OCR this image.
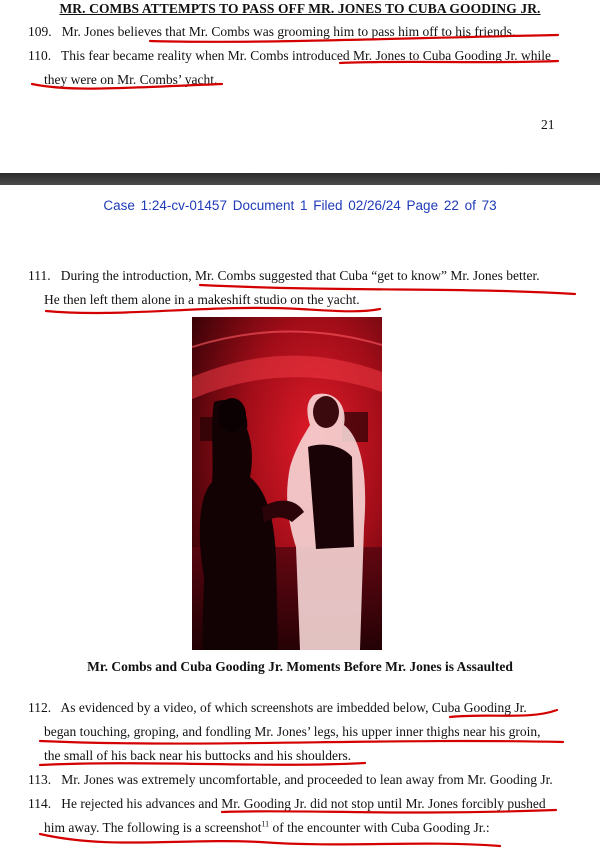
MR. COMBS ATTEMPTS TO PASS OFF MR. JONES TO CUBA GOODING JR.
109. Mr. Jones believes that Mr. Combs was grooming him to pass him off to his friends.
110. This fear became reality when Mr. Combs introduced Mr. Jones to Cuba Gooding Jr. while
they were on Mr. Combs’ yacht.
21
Case 1:24-cv-01457 Document 1 Filed 02/26/24 Page 22 of 73
111. During the introduction, Mr. Combs suggested that Cuba “get to know” Mr. Jones better.
He then left them alone in a makeshift studio on the yacht.
Mr. Combs and Cuba Gooding Jr. Moments Before Mr. Jones is Assaulted
112. As evidenced by a video, of which screenshots are imbedded below, Cuba Gooding Jr.
began touching, groping, and fondling Mr. Jones’ legs, his upper inner thighs near his groin,
the small of his back near his buttocks and his shoulders.
113. Mr. Jones was extremely uncomfortable, and proceeded to lean away from Mr. Gooding Jr.
114. He rejected his advances and Mr. Gooding Jr. did not stop until Mr. Jones forcibly pushed
him away. The following is a screenshot$^{11}$ of the encounter with Cuba Gooding Jr.:
